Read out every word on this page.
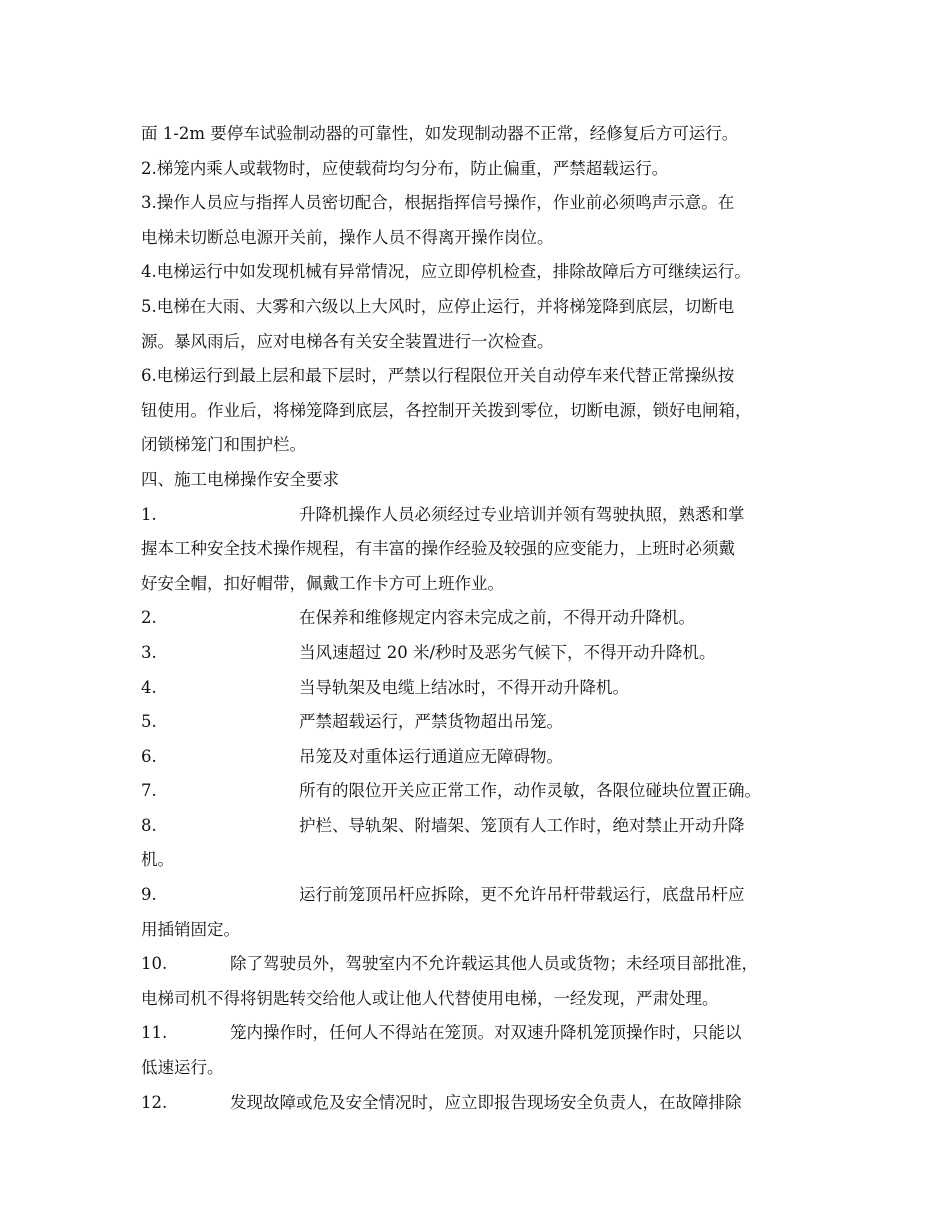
面 1-2m 要停车试验制动器的可靠性，如发现制动器不正常，经修复后方可运行。
2.梯笼内乘人或载物时，应使载荷均匀分布，防止偏重，严禁超载运行。
3.操作人员应与指挥人员密切配合，根据指挥信号操作，作业前必须鸣声示意。在
电梯未切断总电源开关前，操作人员不得离开操作岗位。
4.电梯运行中如发现机械有异常情况，应立即停机检查，排除故障后方可继续运行。
5.电梯在大雨、大雾和六级以上大风时，应停止运行，并将梯笼降到底层，切断电
源。暴风雨后，应对电梯各有关安全装置进行一次检查。
6.电梯运行到最上层和最下层时，严禁以行程限位开关自动停车来代替正常操纵按
钮使用。作业后，将梯笼降到底层，各控制开关拨到零位，切断电源，锁好电闸箱，
闭锁梯笼门和围护栏。
四、施工电梯操作安全要求
1.	升降机操作人员必须经过专业培训并领有驾驶执照，熟悉和掌
握本工种安全技术操作规程，有丰富的操作经验及较强的应变能力，上班时必须戴
好安全帽，扣好帽带，佩戴工作卡方可上班作业。
2.	在保养和维修规定内容未完成之前，不得开动升降机。
3.	当风速超过 20 米/秒时及恶劣气候下，不得开动升降机。
4.	当导轨架及电缆上结冰时，不得开动升降机。
5.	严禁超载运行，严禁货物超出吊笼。
6.	吊笼及对重体运行通道应无障碍物。
7.	所有的限位开关应正常工作，动作灵敏，各限位碰块位置正确。
8.	护栏、导轨架、附墙架、笼顶有人工作时，绝对禁止开动升降
机。
9.	运行前笼顶吊杆应拆除，更不允许吊杆带载运行，底盘吊杆应
用插销固定。
10.	除了驾驶员外，驾驶室内不允许载运其他人员或货物；未经项目部批准，
电梯司机不得将钥匙转交给他人或让他人代替使用电梯，一经发现，严肃处理。
11.	笼内操作时，任何人不得站在笼顶。对双速升降机笼顶操作时，只能以
低速运行。
12.	发现故障或危及安全情况时，应立即报告现场安全负责人，在故障排除
